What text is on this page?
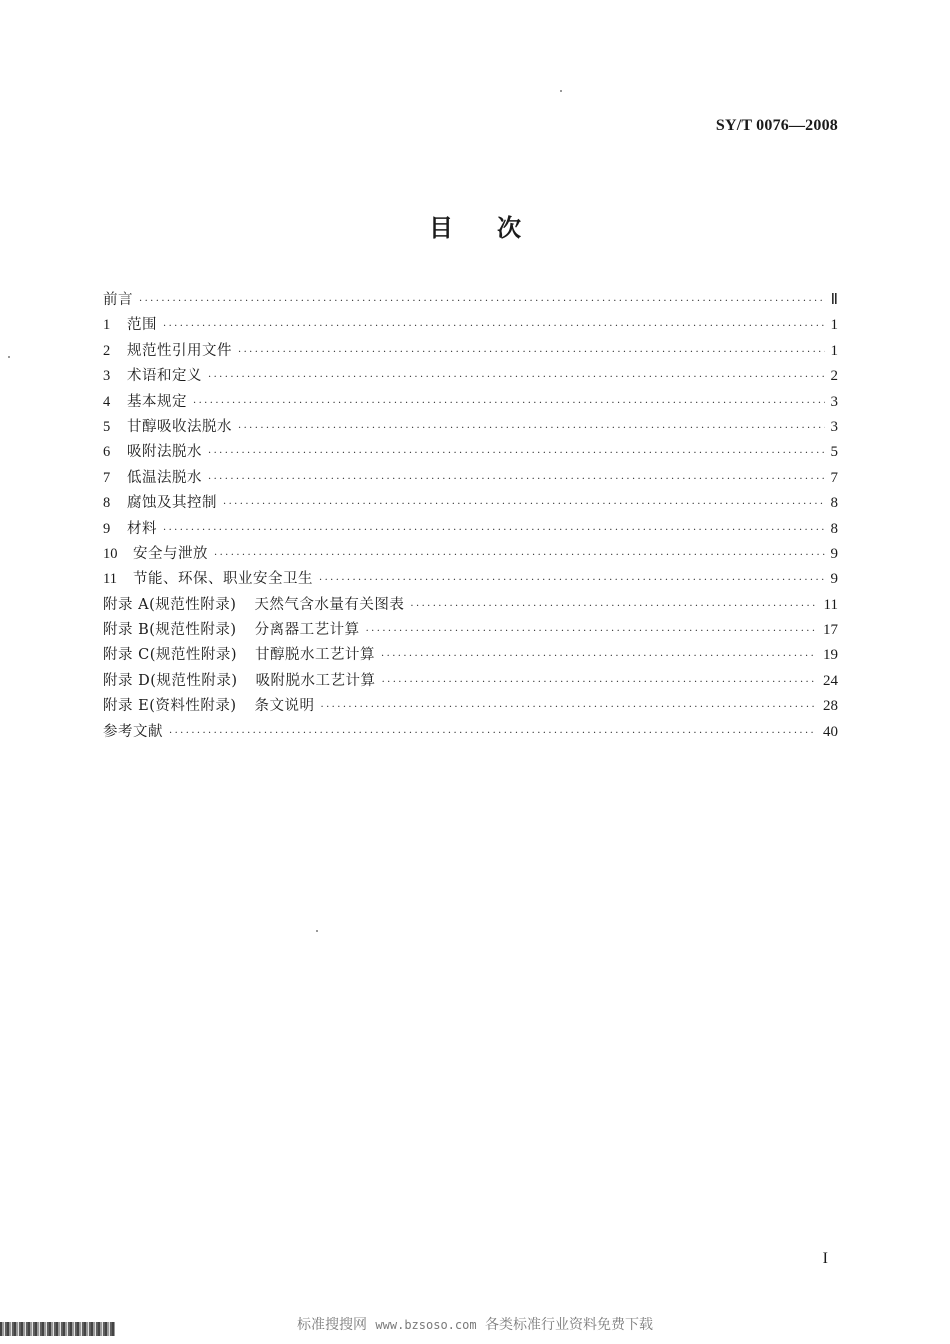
SY/T 0076—2008
目 次
前言 ·····	Ⅱ
1	范围 ·····	1
2	规范性引用文件 ·····	1
3	术语和定义 ·····	2
4	基本规定 ·····	3
5	甘醇吸收法脱水 ·····	3
6	吸附法脱水 ·····	5
7	低温法脱水 ·····	7
8	腐蚀及其控制 ·····	8
9	材料 ·····	8
10	安全与泄放 ·····	9
11	节能、环保、职业安全卫生 ·····	9
附录 A(规范性附录) 天然气含水量有关图表 ·····	11
附录 B(规范性附录) 分离器工艺计算 ·····	17
附录 C(规范性附录) 甘醇脱水工艺计算 ·····	19
附录 D(规范性附录) 吸附脱水工艺计算 ·····	24
附录 E(资料性附录) 条文说明 ·····	28
参考文献 ·····	40
I
标准搜搜网 www.bzsoso.com 各类标准行业资料免费下载
